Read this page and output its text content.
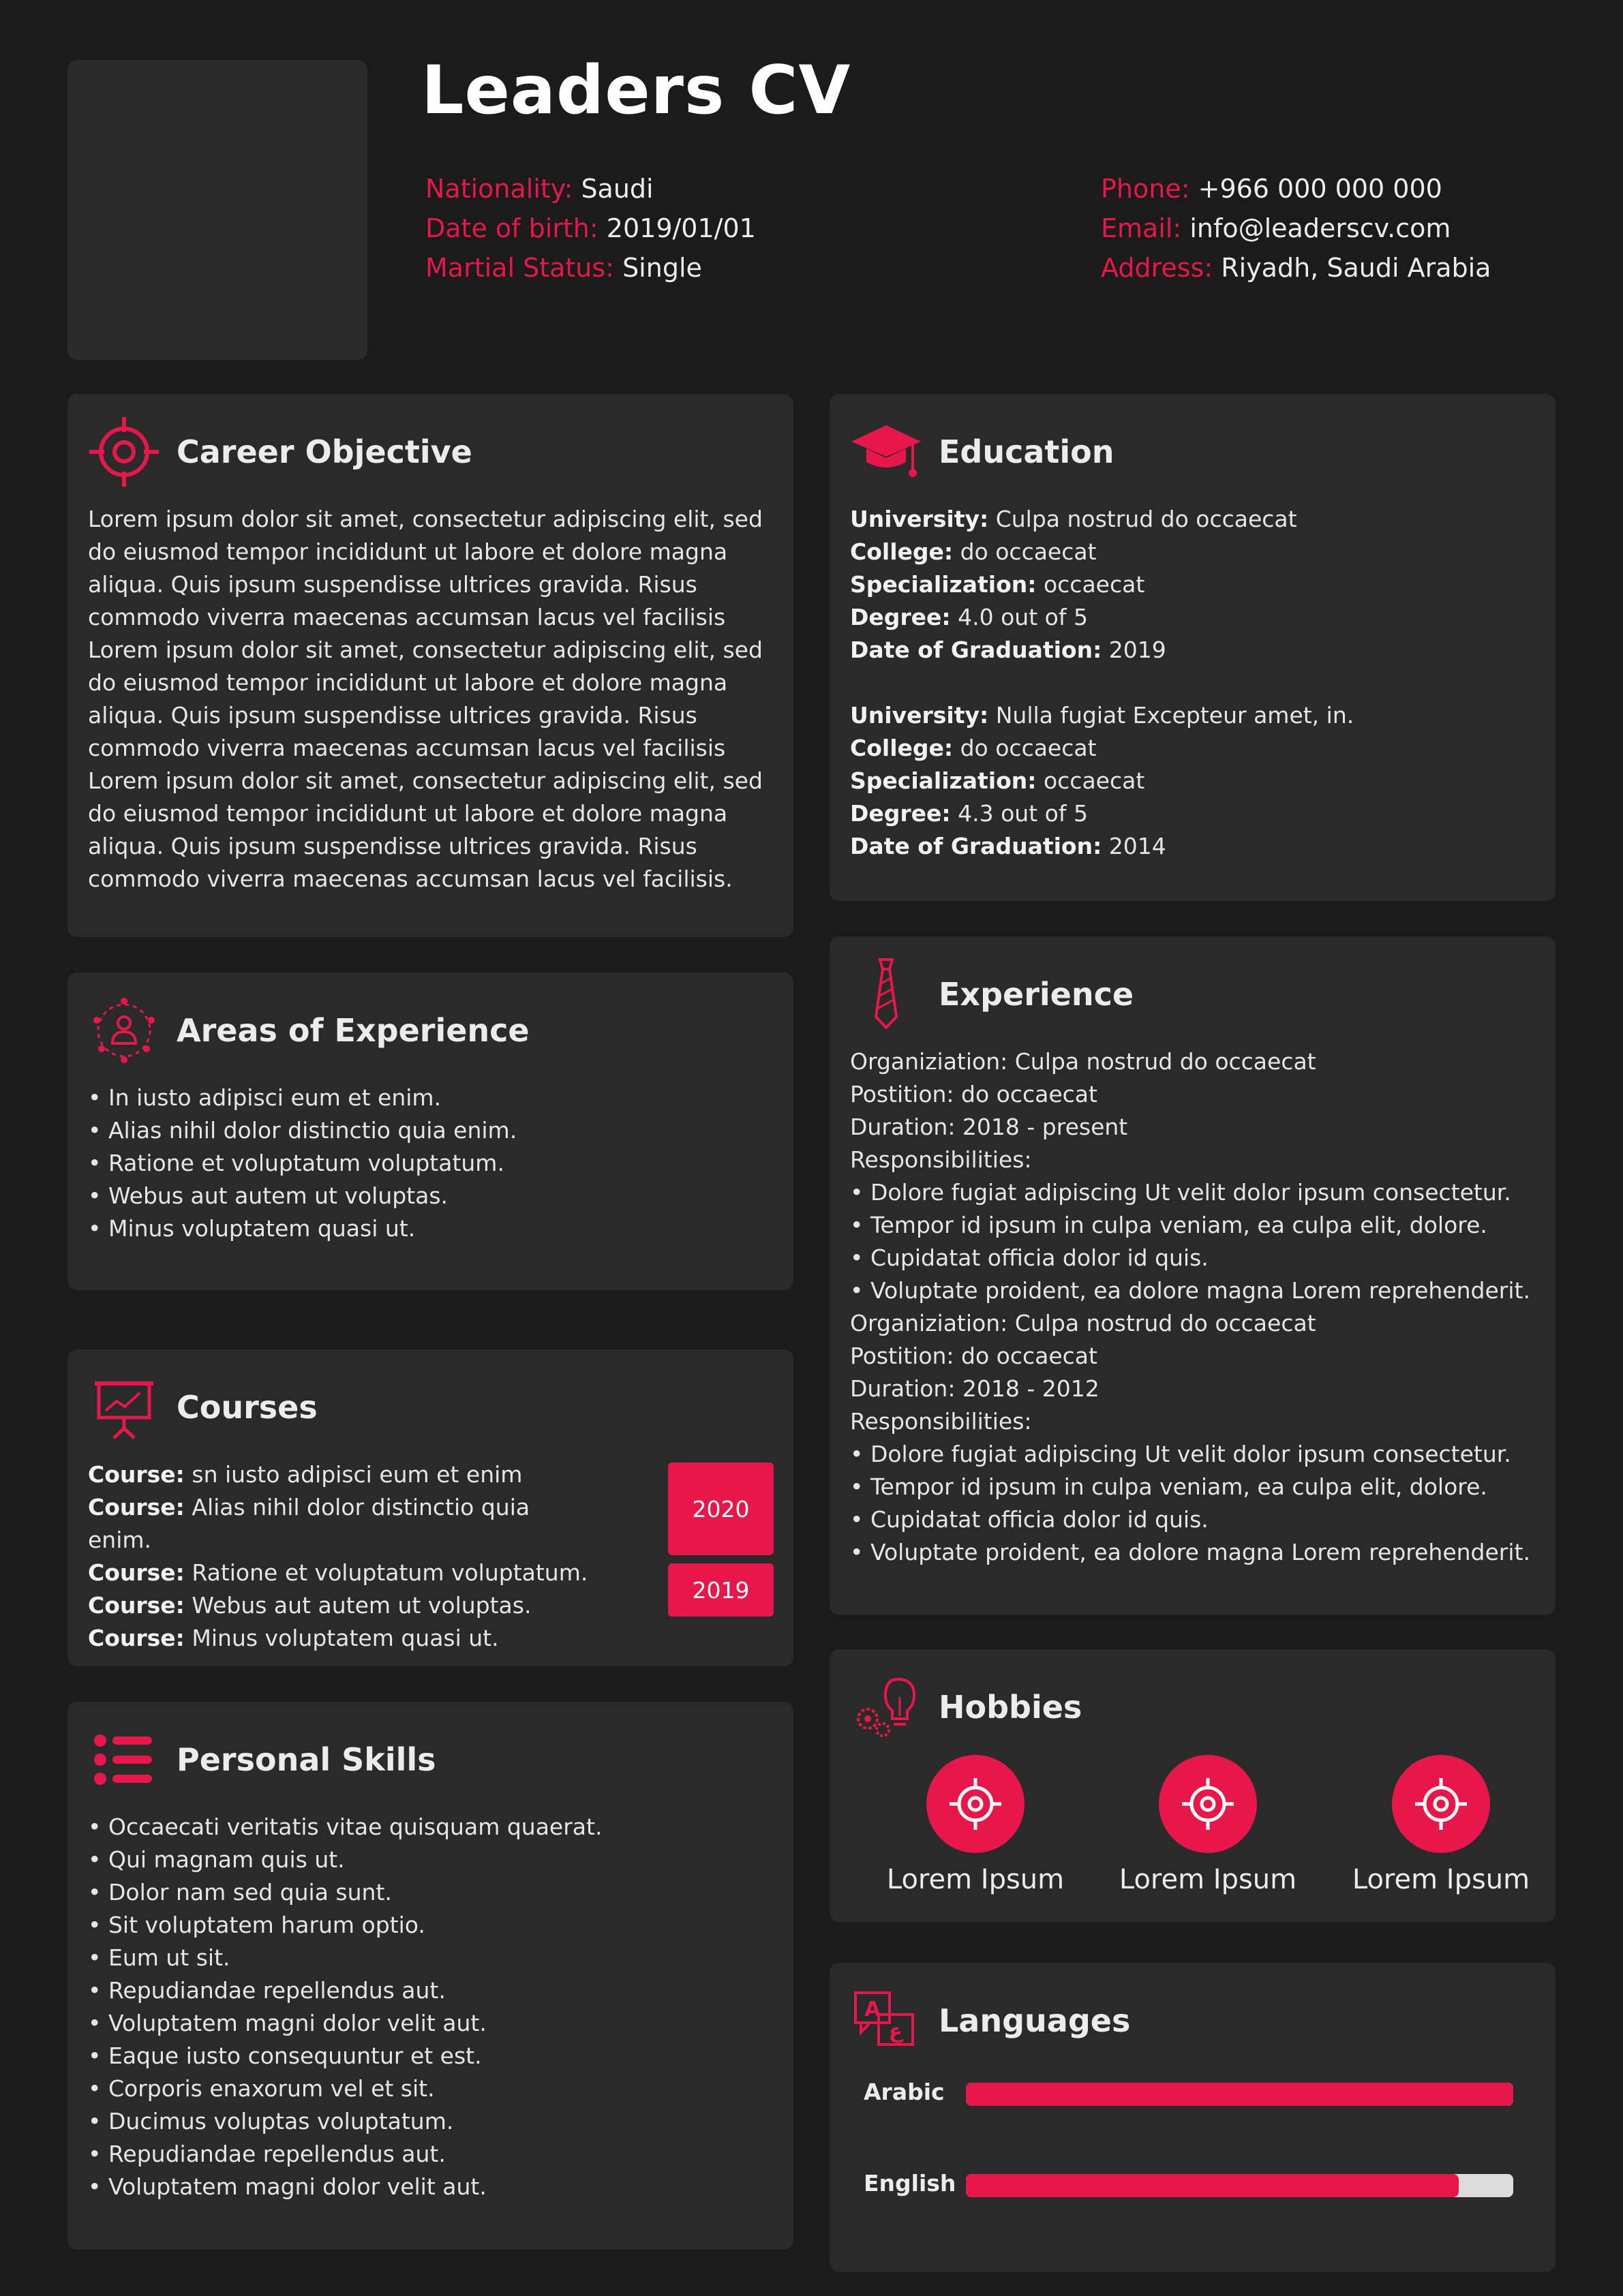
Leaders CV
Nationality: Saudi
Date of birth: 2019/01/01
Martial Status: Single
Phone: +966 000 000 000
Email: info@leaderscv.com
Address: Riyadh, Saudi Arabia
Career Objective

Lorem ipsum dolor sit amet, consectetur adipiscing elit, sed

do eiusmod tempor incididunt ut labore et dolore magna

aliqua. Quis ipsum suspendisse ultrices gravida. Risus

commodo viverra maecenas accumsan lacus vel facilisis

Lorem ipsum dolor sit amet, consectetur adipiscing elit, sed

do eiusmod tempor incididunt ut labore et dolore magna

aliqua. Quis ipsum suspendisse ultrices gravida. Risus

commodo viverra maecenas accumsan lacus vel facilisis

Lorem ipsum dolor sit amet, consectetur adipiscing elit, sed

do eiusmod tempor incididunt ut labore et dolore magna

aliqua. Quis ipsum suspendisse ultrices gravida. Risus

commodo viverra maecenas accumsan lacus vel facilisis.

Areas of Experience
• In iusto adipisci eum et enim.
• Alias nihil dolor distinctio quia enim.
• Ratione et voluptatum voluptatum.
• Webus aut autem ut voluptas.
• Minus voluptatem quasi ut.
Courses

Course: sn iusto adipisci eum et enim

Course: Alias nihil dolor distinctio quia enim.

Course: Ratione et voluptatum voluptatum.

Course: Webus aut autem ut voluptas.

Course: Minus voluptatem quasi ut.

2020
2019
Personal Skills
• Occaecati veritatis vitae quisquam quaerat.
• Qui magnam quis ut.
• Dolor nam sed quia sunt.
• Sit voluptatem harum optio.
• Eum ut sit.
• Repudiandae repellendus aut.
• Voluptatem magni dolor velit aut.
• Eaque iusto consequuntur et est.
• Corporis enaxorum vel et sit.
• Ducimus voluptas voluptatum.
• Repudiandae repellendus aut.
• Voluptatem magni dolor velit aut.
Education

University: Culpa nostrud do occaecat

College: do occaecat

Specialization: occaecat

Degree: 4.0 out of 5

Date of Graduation: 2019

University: Nulla fugiat Excepteur amet, in.

College: do occaecat

Specialization: occaecat

Degree: 4.3 out of 5

Date of Graduation: 2014

Experience

Organiziation: Culpa nostrud do occaecat

Postition: do occaecat

Duration: 2018 - present

Responsibilities:

• Dolore fugiat adipiscing Ut velit dolor ipsum consectetur.

• Tempor id ipsum in culpa veniam, ea culpa elit, dolore.

• Cupidatat officia dolor id quis.

• Voluptate proident, ea dolore magna Lorem reprehenderit.

Organiziation: Culpa nostrud do occaecat

Postition: do occaecat

Duration: 2018 - 2012

Responsibilities:

• Dolore fugiat adipiscing Ut velit dolor ipsum consectetur.

• Tempor id ipsum in culpa veniam, ea culpa elit, dolore.

• Cupidatat officia dolor id quis.

• Voluptate proident, ea dolore magna Lorem reprehenderit.

Hobbies
Lorem Ipsum	Lorem Ipsum	Lorem Ipsum
A
ع Languages
Arabic
English
